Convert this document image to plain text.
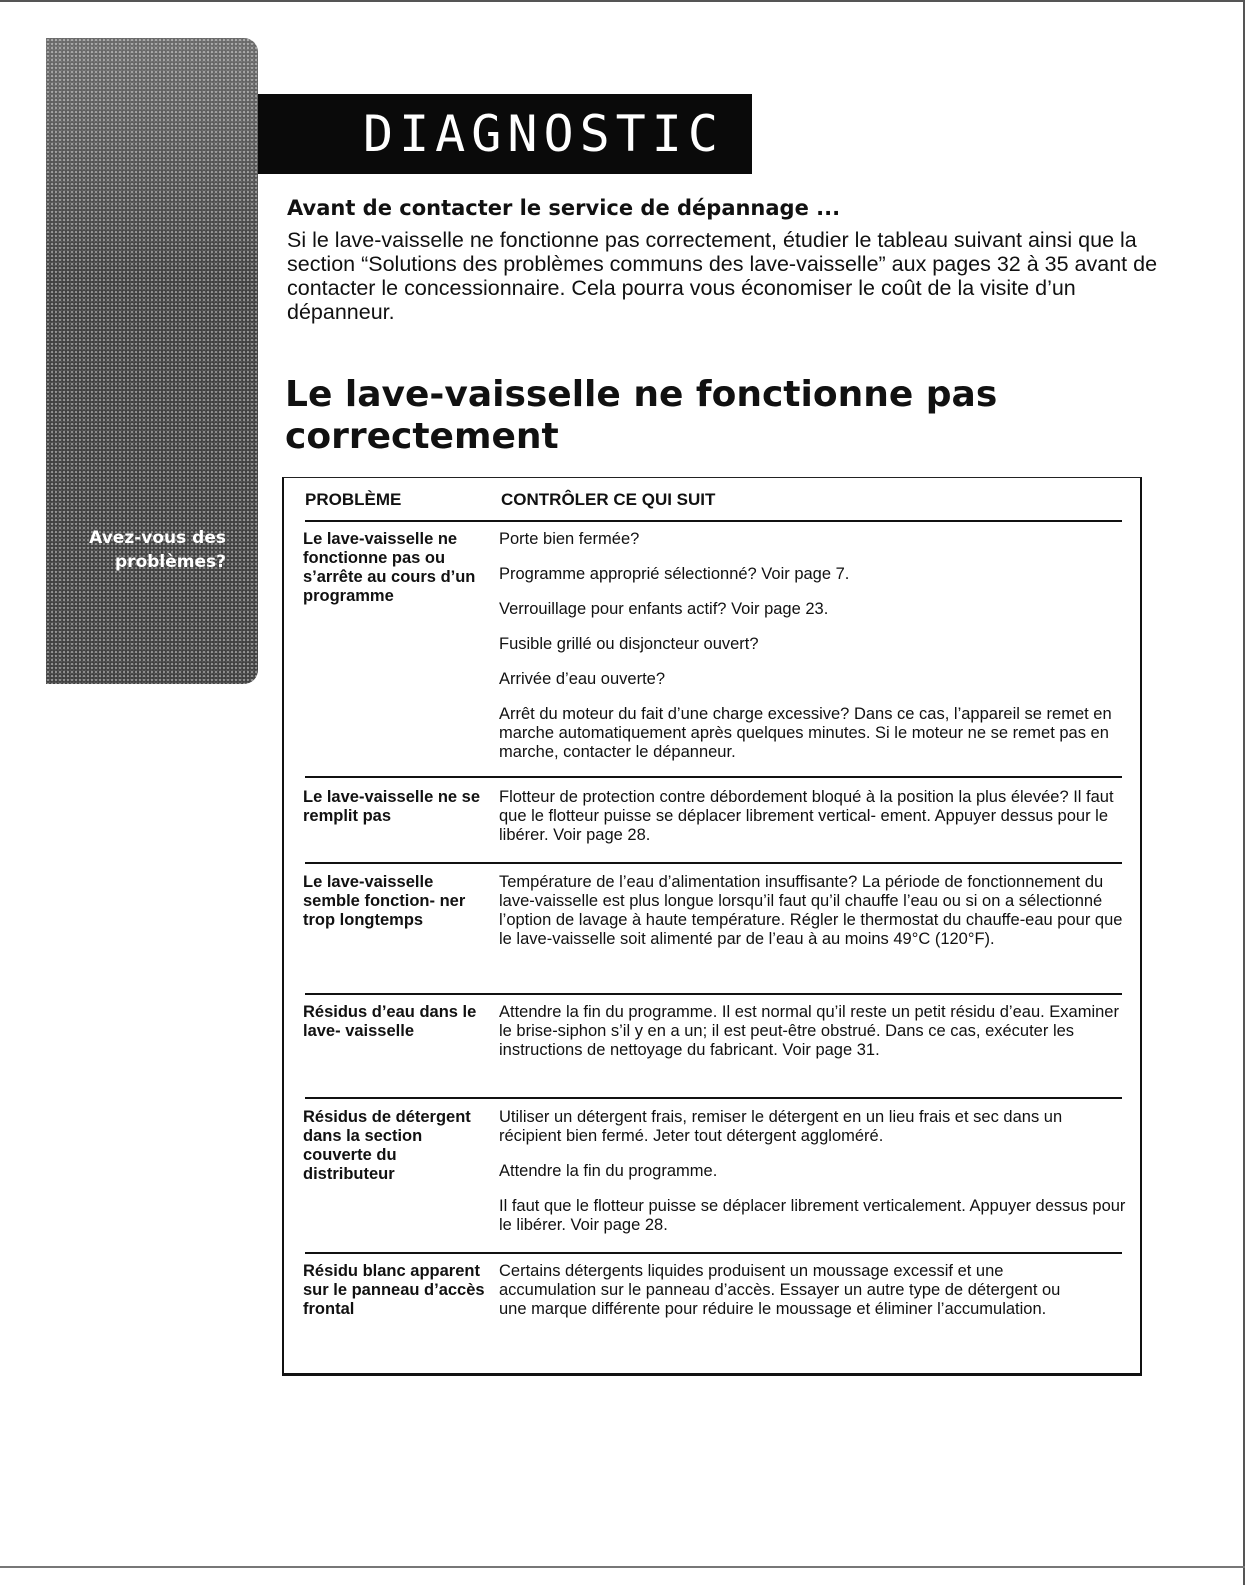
Avez-vous des
problèmes?
DIAGNOSTIC
Avant de contacter le service de dépannage ...

Si le lave-vaisselle ne fonctionne pas correctement, étudier le tableau suivant ainsi que la section “Solutions des problèmes communs des lave-vaisselle” aux pages 32 à 35 avant de contacter le concessionnaire. Cela pourra vous économiser le coût de la visite d’un dépanneur.

Le lave-vaisselle ne fonctionne pas correctement
PROBLÈME	CONTRÔLER CE QUI SUIT
Le lave-vaisselle ne fonctionne pas ou s’arrête au cours d’un programme

Porte bien fermée?

Programme approprié sélectionné? Voir page 7.

Verrouillage pour enfants actif? Voir page 23.

Fusible grillé ou disjoncteur ouvert?

Arrivée d’eau ouverte?

Arrêt du moteur du fait d’une charge excessive? Dans ce cas, l’appareil se remet en marche automatiquement après quelques minutes. Si le moteur ne se remet pas en marche, contacter le dépanneur.

Le lave-vaisselle ne se remplit pas

Flotteur de protection contre débordement bloqué à la position la plus élevée? Il faut que le flotteur puisse se déplacer librement vertical- ement. Appuyer dessus pour le libérer. Voir page 28.

Le lave-vaisselle semble fonction- ner trop longtemps

Température de l’eau d’alimentation insuffisante? La période de fonctionnement du lave-vaisselle est plus longue lorsqu’il faut qu’il chauffe l’eau ou si on a sélectionné l’option de lavage à haute température. Régler le thermostat du chauffe-eau pour que le lave-vaisselle soit alimenté par de l’eau à au moins 49°C (120°F).

Résidus d’eau dans le lave- vaisselle

Attendre la fin du programme. Il est normal qu’il reste un petit résidu d’eau. Examiner le brise-siphon s’il y en a un; il est peut-être obstrué. Dans ce cas, exécuter les instructions de nettoyage du fabricant. Voir page 31.

Résidus de détergent dans la section couverte du distributeur

Utiliser un détergent frais, remiser le détergent en un lieu frais et sec dans un récipient bien fermé. Jeter tout détergent aggloméré.

Attendre la fin du programme.

Il faut que le flotteur puisse se déplacer librement verticalement. Appuyer dessus pour le libérer. Voir page 28.

Résidu blanc apparent sur le panneau d’accès frontal

Certains détergents liquides produisent un moussage excessif et une accumulation sur le panneau d’accès. Essayer un autre type de détergent ou une marque différente pour réduire le moussage et éliminer l’accumulation.
